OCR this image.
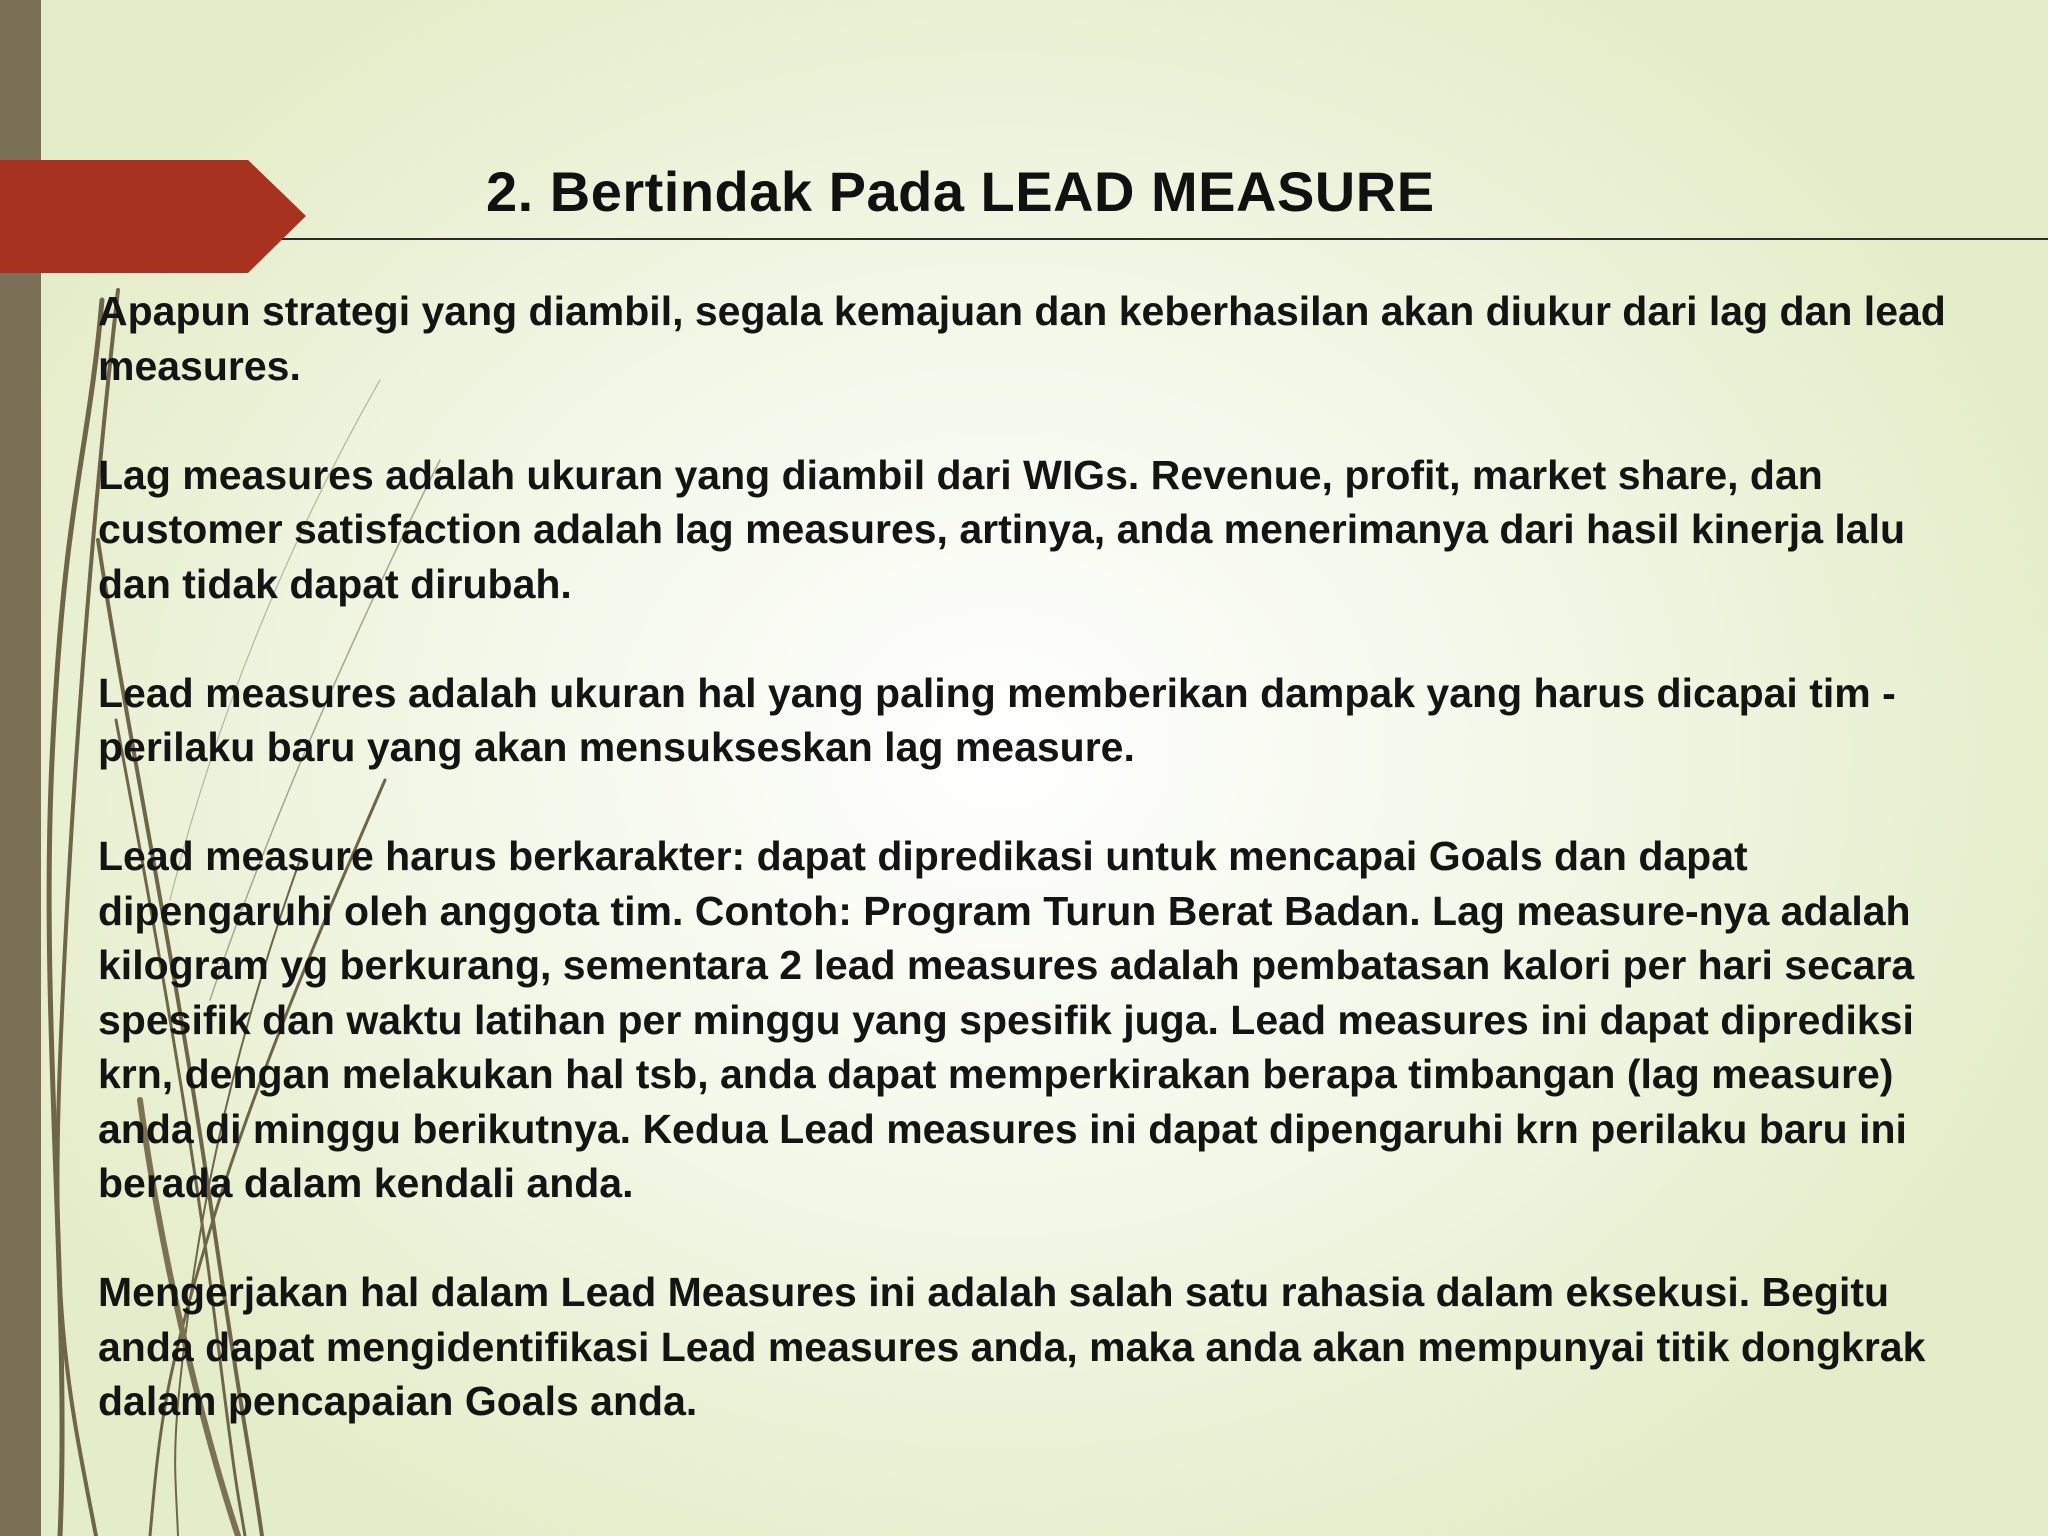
2. Bertindak Pada LEAD MEASURE

Apapun strategi yang diambil, segala kemajuan dan keberhasilan akan diukur dari lag dan lead measures.

Lag measures adalah ukuran yang diambil dari WIGs. Revenue, profit, market share, dan customer satisfaction adalah lag measures, artinya, anda menerimanya dari hasil kinerja lalu dan tidak dapat dirubah.

Lead measures adalah ukuran hal yang paling memberikan dampak yang harus dicapai tim - perilaku baru yang akan mensukseskan lag measure.

Lead measure harus berkarakter: dapat dipredikasi untuk mencapai Goals dan dapat dipengaruhi oleh anggota tim. Contoh: Program Turun Berat Badan. Lag measure-nya adalah kilogram yg berkurang, sementara 2 lead measures adalah pembatasan kalori per hari secara spesifik dan waktu latihan per minggu yang spesifik juga. Lead measures ini dapat diprediksi krn, dengan melakukan hal tsb, anda dapat memperkirakan berapa timbangan (lag measure) anda di minggu berikutnya. Kedua Lead measures ini dapat dipengaruhi krn perilaku baru ini berada dalam kendali anda.

Mengerjakan hal dalam Lead Measures ini adalah salah satu rahasia dalam eksekusi. Begitu anda dapat mengidentifikasi Lead measures anda, maka anda akan mempunyai titik dongkrak dalam pencapaian Goals anda.
